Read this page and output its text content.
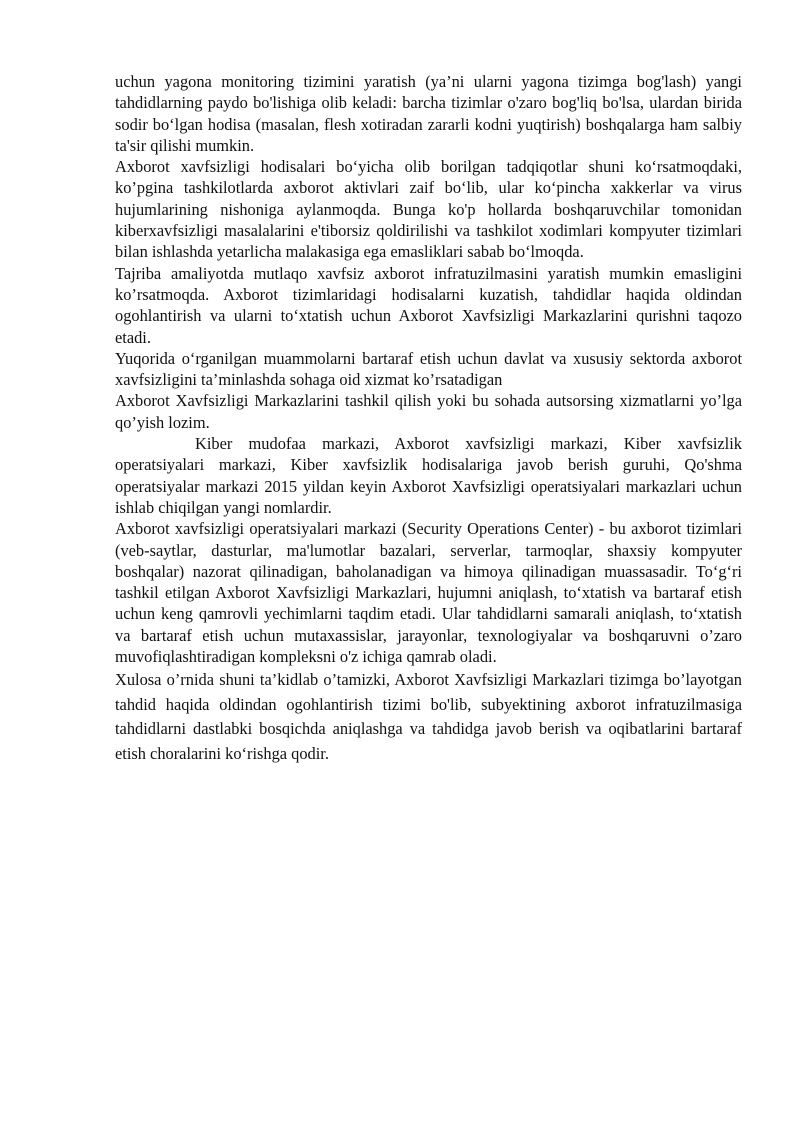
uchun yagona monitoring tizimini yaratish (ya’ni ularni yagona tizimga bog'lash) yangi tahdidlarning paydo bo'lishiga olib keladi: barcha tizimlar o'zaro bog'liq bo'lsa, ulardan birida sodir bo‘lgan hodisa (masalan, flesh xotiradan zararli kodni yuqtirish) boshqalarga ham salbiy ta'sir qilishi mumkin.

Axborot xavfsizligi hodisalari bo‘yicha olib borilgan tadqiqotlar shuni ko‘rsatmoqdaki, ko’pgina tashkilotlarda axborot aktivlari zaif bo‘lib, ular ko‘pincha xakkerlar va virus hujumlarining nishoniga aylanmoqda. Bunga ko'p hollarda boshqaruvchilar tomonidan kiberxavfsizligi masalalarini e'tiborsiz qoldirilishi va tashkilot xodimlari kompyuter tizimlari bilan ishlashda yetarlicha malakasiga ega emasliklari sabab bo‘lmoqda.

Tajriba amaliyotda mutlaqo xavfsiz axborot infratuzilmasini yaratish mumkin emasligini ko’rsatmoqda. Axborot tizimlaridagi hodisalarni kuzatish, tahdidlar haqida oldindan ogohlantirish va ularni to‘xtatish uchun Axborot Xavfsizligi Markazlarini qurishni taqozo etadi.

Yuqorida o‘rganilgan muammolarni bartaraf etish uchun davlat va xususiy sektorda axborot xavfsizligini ta’minlashda sohaga oid xizmat ko’rsatadigan

Axborot Xavfsizligi Markazlarini tashkil qilish yoki bu sohada autsorsing xizmatlarni yo’lga qo’yish lozim.

Kiber mudofaa markazi, Axborot xavfsizligi markazi, Kiber xavfsizlik operatsiyalari markazi, Kiber xavfsizlik hodisalariga javob berish guruhi, Qo'shma operatsiyalar markazi 2015 yildan keyin Axborot Xavfsizligi operatsiyalari markazlari uchun ishlab chiqilgan yangi nomlardir.

Axborot xavfsizligi operatsiyalari markazi (Security Operations Center) - bu axborot tizimlari (veb-saytlar, dasturlar, ma'lumotlar bazalari, serverlar, tarmoqlar, shaxsiy kompyuter boshqalar) nazorat qilinadigan, baholanadigan va himoya qilinadigan muassasadir. To‘g‘ri tashkil etilgan Axborot Xavfsizligi Markazlari, hujumni aniqlash, to‘xtatish va bartaraf etish uchun keng qamrovli yechimlarni taqdim etadi. Ular tahdidlarni samarali aniqlash, to‘xtatish va bartaraf etish uchun mutaxassislar, jarayonlar, texnologiyalar va boshqaruvni o’zaro muvofiqlashtiradigan kompleksni o'z ichiga qamrab oladi.

Xulosa o’rnida shuni ta’kidlab o’tamizki, Axborot Xavfsizligi Markazlari tizimga bo’layotgan tahdid haqida oldindan ogohlantirish tizimi bo'lib, subyektining axborot infratuzilmasiga tahdidlarni dastlabki bosqichda aniqlashga va tahdidga javob berish va oqibatlarini bartaraf etish choralarini ko‘rishga qodir.
